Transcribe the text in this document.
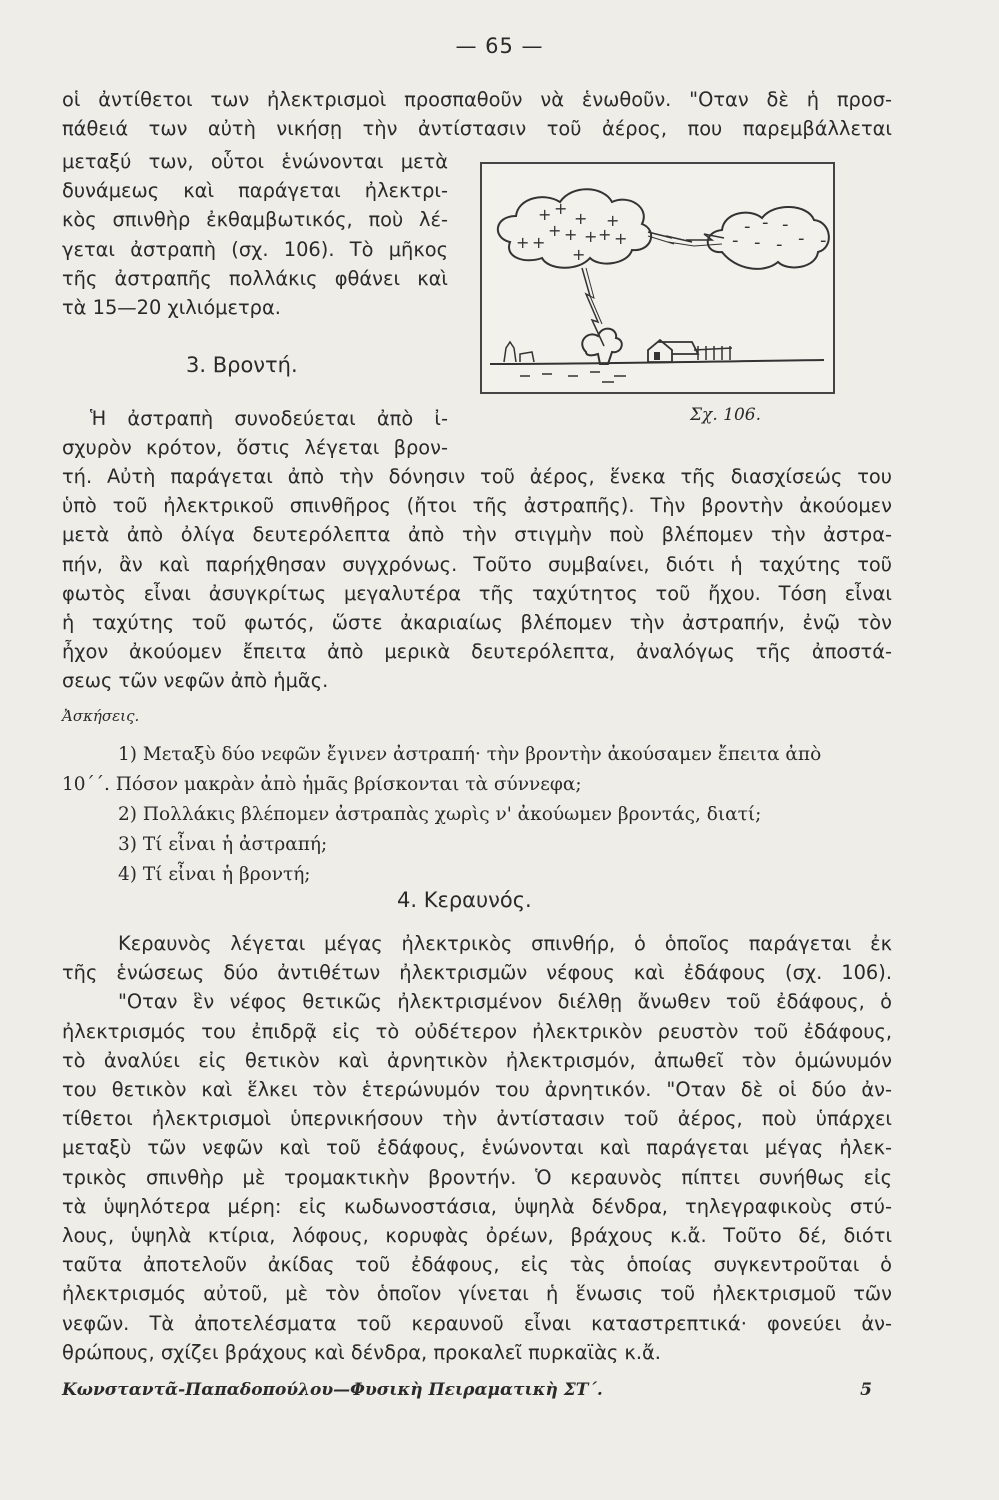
— 65 —
οἱ ἀντίθετοι των ἠλεκτρισμοὶ προσπαθοῦν νὰ ἑνωθοῦν. "Οταν δὲ ἡ προσ-
πάθειά των αὐτὴ νικήσῃ τὴν ἀντίστασιν τοῦ ἀέρος, που παρεμβάλλεται
μεταξύ των, οὗτοι ἑνώνονται μετὰ
δυνάμεως καὶ παράγεται ἠλεκτρι-
κὸς σπινθὴρ ἐκθαμβωτικός, ποὺ λέ-
γεται ἀστραπὴ (σχ. 106). Τὸ μῆκος
τῆς ἀστραπῆς πολλάκις φθάνει καὶ
τὰ 15—20 χιλιόμετρα.
3. Βροντή.
Ἡ ἀστραπὴ συνοδεύεται ἀπὸ ἰ-
σχυρὸν κρότον, ὅστις λέγεται βρον-
+ +
+ +
+ + + + +
+ +
+
- - -
- - - - -
Σχ. 106.
τή. Αὐτὴ παράγεται ἀπὸ τὴν δόνησιν τοῦ ἀέρος, ἕνεκα τῆς διασχίσεώς του
ὑπὸ τοῦ ἠλεκτρικοῦ σπινθῆρος (ἤτοι τῆς ἀστραπῆς). Τὴν βροντὴν ἀκούομεν
μετὰ ἀπὸ ὀλίγα δευτερόλεπτα ἀπὸ τὴν στιγμὴν ποὺ βλέπομεν τὴν ἀστρα-
πήν, ἂν καὶ παρήχθησαν συγχρόνως. Τοῦτο συμβαίνει, διότι ἡ ταχύτης τοῦ
φωτὸς εἶναι ἀσυγκρίτως μεγαλυτέρα τῆς ταχύτητος τοῦ ἤχου. Τόση εἶναι
ἡ ταχύτης τοῦ φωτός, ὥστε ἀκαριαίως βλέπομεν τὴν ἀστραπήν, ἐνῷ τὸν
ἦχον ἀκούομεν ἔπειτα ἀπὸ μερικὰ δευτερόλεπτα, ἀναλόγως τῆς ἀποστά-
σεως τῶν νεφῶν ἀπὸ ἡμᾶς.
Ἀσκήσεις.
1) Μεταξὺ δύο νεφῶν ἔγινεν ἀστραπή· τὴν βροντὴν ἀκούσαμεν ἔπειτα ἀπὸ
10΄΄. Πόσον μακρὰν ἀπὸ ἡμᾶς βρίσκονται τὰ σύννεφα;
2) Πολλάκις βλέπομεν ἀστραπὰς χωρὶς ν' ἀκούωμεν βροντάς, διατί;
3) Τί εἶναι ἡ ἀστραπή;
4) Τί εἶναι ἡ βροντή;
4. Κεραυνός.
Κεραυνὸς λέγεται μέγας ἠλεκτρικὸς σπινθήρ, ὁ ὁποῖος παράγεται ἐκ
τῆς ἑνώσεως δύο ἀντιθέτων ἠλεκτρισμῶν νέφους καὶ ἐδάφους (σχ. 106).
"Οταν ἓν νέφος θετικῶς ἠλεκτρισμένον διέλθῃ ἄνωθεν τοῦ ἐδάφους, ὁ
ἠλεκτρισμός του ἐπιδρᾷ εἰς τὸ οὐδέτερον ἠλεκτρικὸν ρευστὸν τοῦ ἐδάφους,
τὸ ἀναλύει εἰς θετικὸν καὶ ἀρνητικὸν ἠλεκτρισμόν, ἀπωθεῖ τὸν ὁμώνυμόν
του θετικὸν καὶ ἕλκει τὸν ἑτερώνυμόν του ἀρνητικόν. "Οταν δὲ οἱ δύο ἀν-
τίθετοι ἠλεκτρισμοὶ ὑπερνικήσουν τὴν ἀντίστασιν τοῦ ἀέρος, ποὺ ὑπάρχει
μεταξὺ τῶν νεφῶν καὶ τοῦ ἐδάφους, ἑνώνονται καὶ παράγεται μέγας ἠλεκ-
τρικὸς σπινθὴρ μὲ τρομακτικὴν βροντήν. Ὁ κεραυνὸς πίπτει συνήθως εἰς
τὰ ὑψηλότερα μέρη: εἰς κωδωνοστάσια, ὑψηλὰ δένδρα, τηλεγραφικοὺς στύ-
λους, ὑψηλὰ κτίρια, λόφους, κορυφὰς ὀρέων, βράχους κ.ἄ. Τοῦτο δέ, διότι
ταῦτα ἀποτελοῦν ἀκίδας τοῦ ἐδάφους, εἰς τὰς ὁποίας συγκεντροῦται ὁ
ἠλεκτρισμός αὐτοῦ, μὲ τὸν ὁποῖον γίνεται ἡ ἕνωσις τοῦ ἠλεκτρισμοῦ τῶν
νεφῶν. Τὰ ἀποτελέσματα τοῦ κεραυνοῦ εἶναι καταστρεπτικά· φονεύει ἀν-
θρώπους, σχίζει βράχους καὶ δένδρα, προκαλεῖ πυρκαϊὰς κ.ἄ.
Κωνσταντᾶ-Παπαδοπούλου—Φυσικὴ Πειραματικὴ ΣΤ΄.	5
